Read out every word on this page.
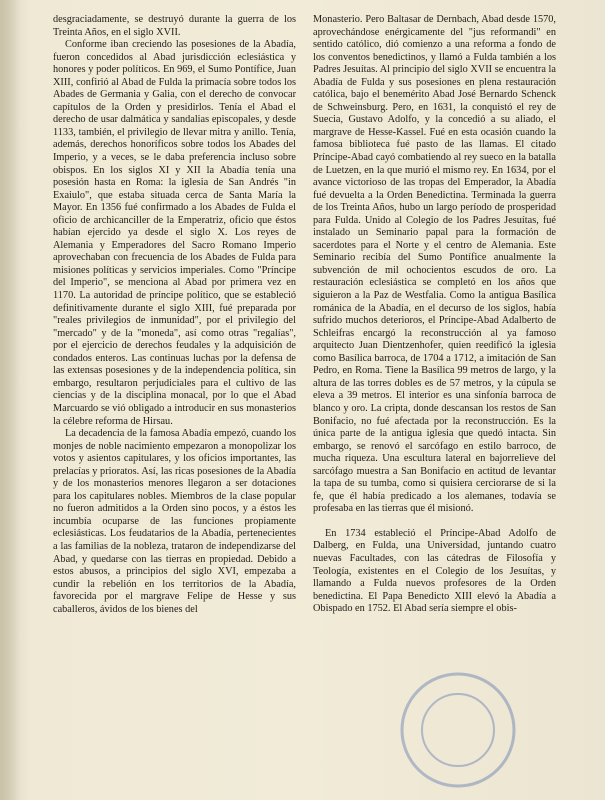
desgraciadamente, se destruyó durante la guerra de los Treinta Años, en el siglo XVII.

Conforme iban creciendo las posesiones de la Abadía, fueron concedidos al Abad jurisdicción eclesiástica y honores y poder políticos. En 969, el Sumo Pontífice, Juan XIII, confirió al Abad de Fulda la primacía sobre todos los Abades de Germania y Galia, con el derecho de convocar capítulos de la Orden y presidirlos. Tenía el Abad el derecho de usar dalmática y sandalias episcopales, y desde 1133, también, el privilegio de llevar mitra y anillo. Tenía, además, derechos honoríficos sobre todos los Abades del Imperio, y a veces, se le daba preferencia incluso sobre obispos. En los siglos XI y XII la Abadía tenía una posesión hasta en Roma: la iglesia de San Andrés "in Exaiulo", que estaba situada cerca de Santa María la Mayor. En 1356 fué confirmado a los Abades de Fulda el oficio de archicanciller de la Emperatriz, oficio que éstos habían ejercido ya desde el siglo X. Los reyes de Alemania y Emperadores del Sacro Romano Imperio aprovechaban con frecuencia de los Abades de Fulda para misiones políticas y servicios imperiales. Como "Príncipe del Imperio", se menciona al Abad por primera vez en 1170. La autoridad de príncipe político, que se estableció definitivamente durante el siglo XIII, fué preparada por "reales privilegios de inmunidad", por el privilegio del "mercado" y de la "moneda", así como otras "regalías", por el ejercicio de derechos feudales y la adquisición de condados enteros. Las continuas luchas por la defensa de las extensas posesiones y de la independencia política, sin embargo, resultaron perjudiciales para el cultivo de las ciencias y de la disciplina monacal, por lo que el Abad Marcuardo se vió obligado a introducir en sus monasterios la célebre reforma de Hirsau.

La decadencia de la famosa Abadía empezó, cuando los monjes de noble nacimiento empezaron a monopolizar los votos y asientos capitulares, y los oficios importantes, las prelacías y prioratos. Así, las ricas posesiones de la Abadía y de los monasterios menores llegaron a ser dotaciones para los capitulares nobles. Miembros de la clase popular no fueron admitidos a la Orden sino pocos, y a éstos les incumbía ocuparse de las funciones propiamente eclesiásticas. Los feudatarios de la Abadía, pertenecientes a las familias de la nobleza, trataron de independizarse del Abad, y quedarse con las tierras en propiedad. Debido a estos abusos, a principios del siglo XVI, empezaba a cundir la rebelión en los territorios de la Abadía, favorecida por el margrave Felipe de Hesse y sus caballeros, ávidos de los bienes del

Monasterio. Pero Baltasar de Dernbach, Abad desde 1570, aprovechándose enérgicamente del "jus reformandi" en sentido católico, dió comienzo a una reforma a fondo de los conventos benedictinos, y llamó a Fulda también a los Padres Jesuítas. Al principio del siglo XVII se encuentra la Abadía de Fulda y sus posesiones en plena restauración católica, bajo el benemérito Abad José Bernardo Schenck de Schweinsburg. Pero, en 1631, la conquistó el rey de Suecia, Gustavo Adolfo, y la concedió a su aliado, el margrave de Hesse-Kassel. Fué en esta ocasión cuando la famosa biblioteca fué pasto de las llamas. El citado Príncipe-Abad cayó combatiendo al rey sueco en la batalla de Luetzen, en la que murió el mismo rey. En 1634, por el avance victorioso de las tropas del Emperador, la Abadía fué devuelta a la Orden Benedictina. Terminada la guerra de los Treinta Años, hubo un largo período de prosperidad para Fulda. Unido al Colegio de los Padres Jesuítas, fué instalado un Seminario papal para la formación de sacerdotes para el Norte y el centro de Alemania. Este Seminario recibía del Sumo Pontífice anualmente la subvención de mil ochocientos escudos de oro. La restauración eclesiástica se completó en los años que siguieron a la Paz de Westfalia. Como la antigua Basílica románica de la Abadía, en el decurso de los siglos, había sufrido muchos deterioros, el Príncipe-Abad Adalberto de Schleifras encargó la reconstrucción al ya famoso arquitecto Juan Dientzenhofer, quien reedificó la iglesia como Basílica barroca, de 1704 a 1712, a imitación de San Pedro, en Roma. Tiene la Basílica 99 metros de largo, y la altura de las torres dobles es de 57 metros, y la cúpula se eleva a 39 metros. El interior es una sinfonía barroca de blanco y oro. La cripta, donde descansan los restos de San Bonifacio, no fué afectada por la reconstrucción. Es la única parte de la antigua iglesia que quedó intacta. Sin embargo, se renovó el sarcófago en estilo barroco, de mucha riqueza. Una escultura lateral en bajorrelieve del sarcófago muestra a San Bonifacio en actitud de levantar la tapa de su tumba, como si quisiera cerciorarse de si la fe, que él había predicado a los alemanes, todavía se profesaba en las tierras que él misionó.

En 1734 estableció el Príncipe-Abad Adolfo de Dalberg, en Fulda, una Universidad, juntando cuatro nuevas Facultades, con las cátedras de Filosofía y Teología, existentes en el Colegio de los Jesuítas, y llamando a Fulda nuevos profesores de la Orden benedictina. El Papa Benedicto XIII elevó la Abadía a Obispado en 1752. El Abad sería siempre el obis-
